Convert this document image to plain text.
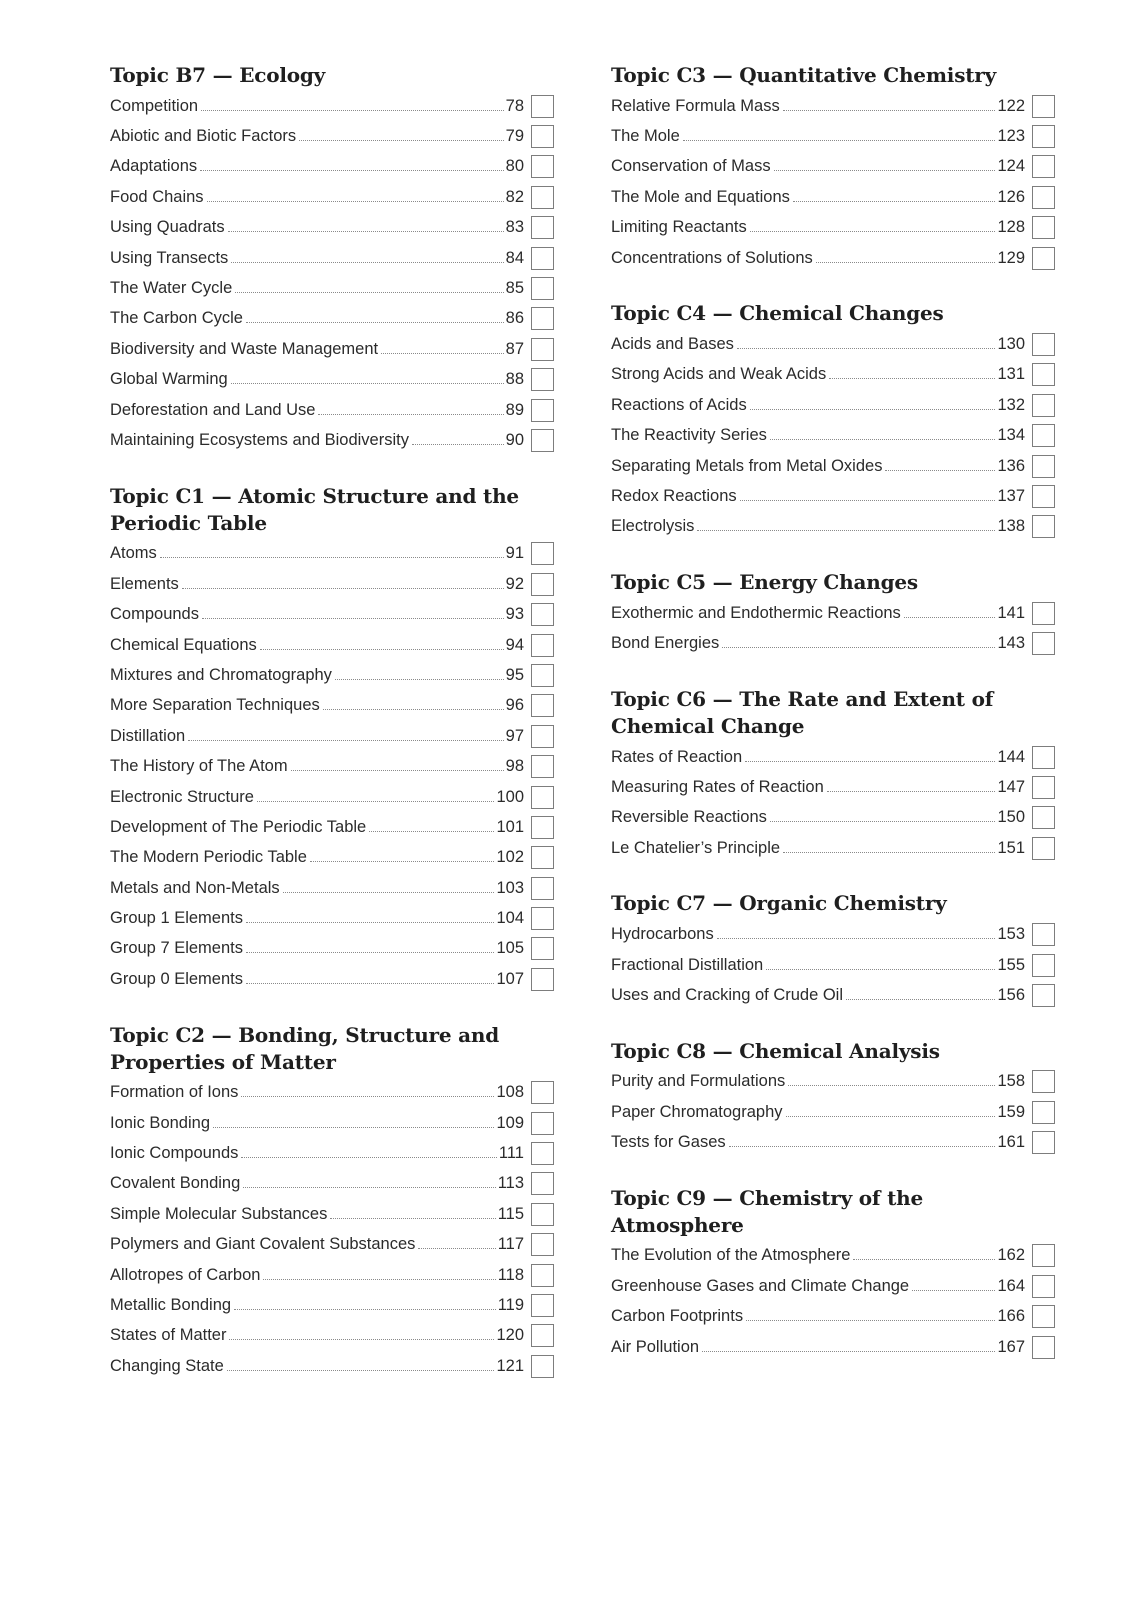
Topic B7 — Ecology
Competition	78
Abiotic and Biotic Factors	79
Adaptations	80
Food Chains	82
Using Quadrats	83
Using Transects	84
The Water Cycle	85
The Carbon Cycle	86
Biodiversity and Waste Management	87
Global Warming	88
Deforestation and Land Use	89
Maintaining Ecosystems and Biodiversity	90
Topic C1 — Atomic Structure and the Periodic Table
Atoms	91
Elements	92
Compounds	93
Chemical Equations	94
Mixtures and Chromatography	95
More Separation Techniques	96
Distillation	97
The History of The Atom	98
Electronic Structure	100
Development of The Periodic Table	101
The Modern Periodic Table	102
Metals and Non-Metals	103
Group 1 Elements	104
Group 7 Elements	105
Group 0 Elements	107
Topic C2 — Bonding, Structure and Properties of Matter
Formation of Ions	108
Ionic Bonding	109
Ionic Compounds	111
Covalent Bonding	113
Simple Molecular Substances	115
Polymers and Giant Covalent Substances	117
Allotropes of Carbon	118
Metallic Bonding	119
States of Matter	120
Changing State	121
Topic C3 — Quantitative Chemistry
Relative Formula Mass	122
The Mole	123
Conservation of Mass	124
The Mole and Equations	126
Limiting Reactants	128
Concentrations of Solutions	129
Topic C4 — Chemical Changes
Acids and Bases	130
Strong Acids and Weak Acids	131
Reactions of Acids	132
The Reactivity Series	134
Separating Metals from Metal Oxides	136
Redox Reactions	137
Electrolysis	138
Topic C5 — Energy Changes
Exothermic and Endothermic Reactions	141
Bond Energies	143
Topic C6 — The Rate and Extent of Chemical Change
Rates of Reaction	144
Measuring Rates of Reaction	147
Reversible Reactions	150
Le Chatelier’s Principle	151
Topic C7 — Organic Chemistry
Hydrocarbons	153
Fractional Distillation	155
Uses and Cracking of Crude Oil	156
Topic C8 — Chemical Analysis
Purity and Formulations	158
Paper Chromatography	159
Tests for Gases	161
Topic C9 — Chemistry of the Atmosphere
The Evolution of the Atmosphere	162
Greenhouse Gases and Climate Change	164
Carbon Footprints	166
Air Pollution	167
